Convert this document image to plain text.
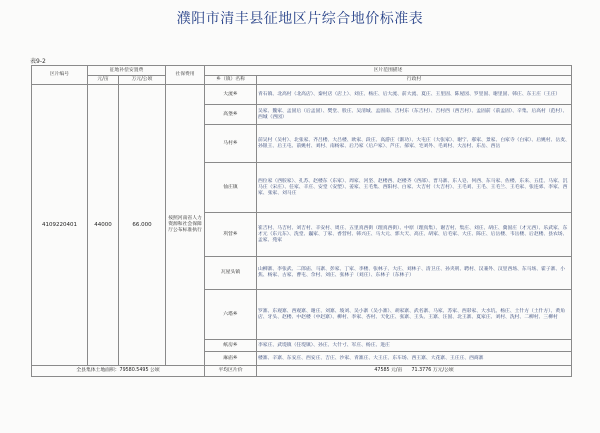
濮阳市清丰县征地区片综合地价标准表
表9-2
区片编号	征地补偿安置费		社保费用	区片范围描述	
	元/亩	万元/公顷		乡（镇）名称	行政村
4109220401	44000	66.000	按照河南省人力资源和社会保障厅公布标准执行	大流乡	青石镇、北高村（北高店）、秦村店（店上）、刘庄、杨庄、后大流、前大流、夏庄、王里固、陈屋园、罗里固、谢里固、韩庄、东王庄（王庄）
				高堡乡	吴家、魏家、孟固后（后孟固）、樊堂、股庄、吴清城、孟固南、吉村东（东吉村）、吉村西（西吉村）、孟固前（前孟固）、辛集、后高村（范村）、西城（西园）
				马村乡	前吴村（吴村）、北张家、齐吕楼、大吕楼、欧家、段庄、高游庄（渐功）、大屯庄（大张家）、谢宁、郝家、景家、白家寺（白家）、后姚村、岳麦、孙银王、后王屯、前姚村、刘村、南杨家、后乃家（后户家）、芦庄、郝家、宅刘外、毛刘村、大岳村、东岳、西岳
				仙庄镇	西位家（西胶家）、孔苏、赵楼东（东家）、周家、河坚、赵楼西、赵楼齐（西部）、晋马寨、东人皂、何西、东马家、佐楼、东来、五佳、马家、沉马庄（宋庄）、任家、辛庄、安堂（安塑）、姜家、王毛集、西阳村、白家、大吉村（大吉村）、王毛刘、王毛、王毛兰、王毛家、张连郊、李家、西家、张家、刘马庄
				巩营乡	崔吉村、马吉村、刘吉村、辛安村、周庄、五里真西街（理真西街）、中原（理真集）、谢吉村、集庄、刘庄、胡庄、冀固庄（才元西）、乐武家、东才元（东元东）、洗堂、巍家、丁家、香营村、韩兴庄、马大元、郭大天、高庄、胡家、后毛家、大庄、陈庄、后岳楼、韦岳楼、后赵楼、县农场、孟家、苑家
				瓦屋头镇	山柳寨、李张武、二郎庙、马寨、彭家、丁家、李楼、张林子、大庄、刘林子、清卫庄、孙夹刑、聘村、汉兼外、汉里西场、东马场、霍子寨、小焦、杨家、古家、曹屯、佘村、刘庄、张林子（刘庄）、东林子（东林子）
				六塔乡	罗寨、东观寨、西观寨、谢庄、刘寨、坡刘、吴小寨（吴小寨）、胡家寨、武名寨、马家、苏家、西彩家、大水坑、杨庄、土什方（土什方）、黄角店、牙头、赵楼、中赵楼（中赵寨）、柳村、李家、杏村、天化庄、张寨、王头、王寨、汪固、北王寨、夏家庄、刘村、洗村、二柳村、三柳村
				纸房乡	李家庄、武堤镇（任堤镇）、孙庄、大什寸、军庄、杨庄、进庄
				麻庙乡	楼寨、辛寨、东安庄、西安庄、吉庄、沙家、青寨庄、大王庄、东车场、西王寨、大花寨、王庄庄、西商寨
全县集体土地面积：79580.5495 公顷				平均区片价	47585 元/亩 71.3776 万元/公顷
